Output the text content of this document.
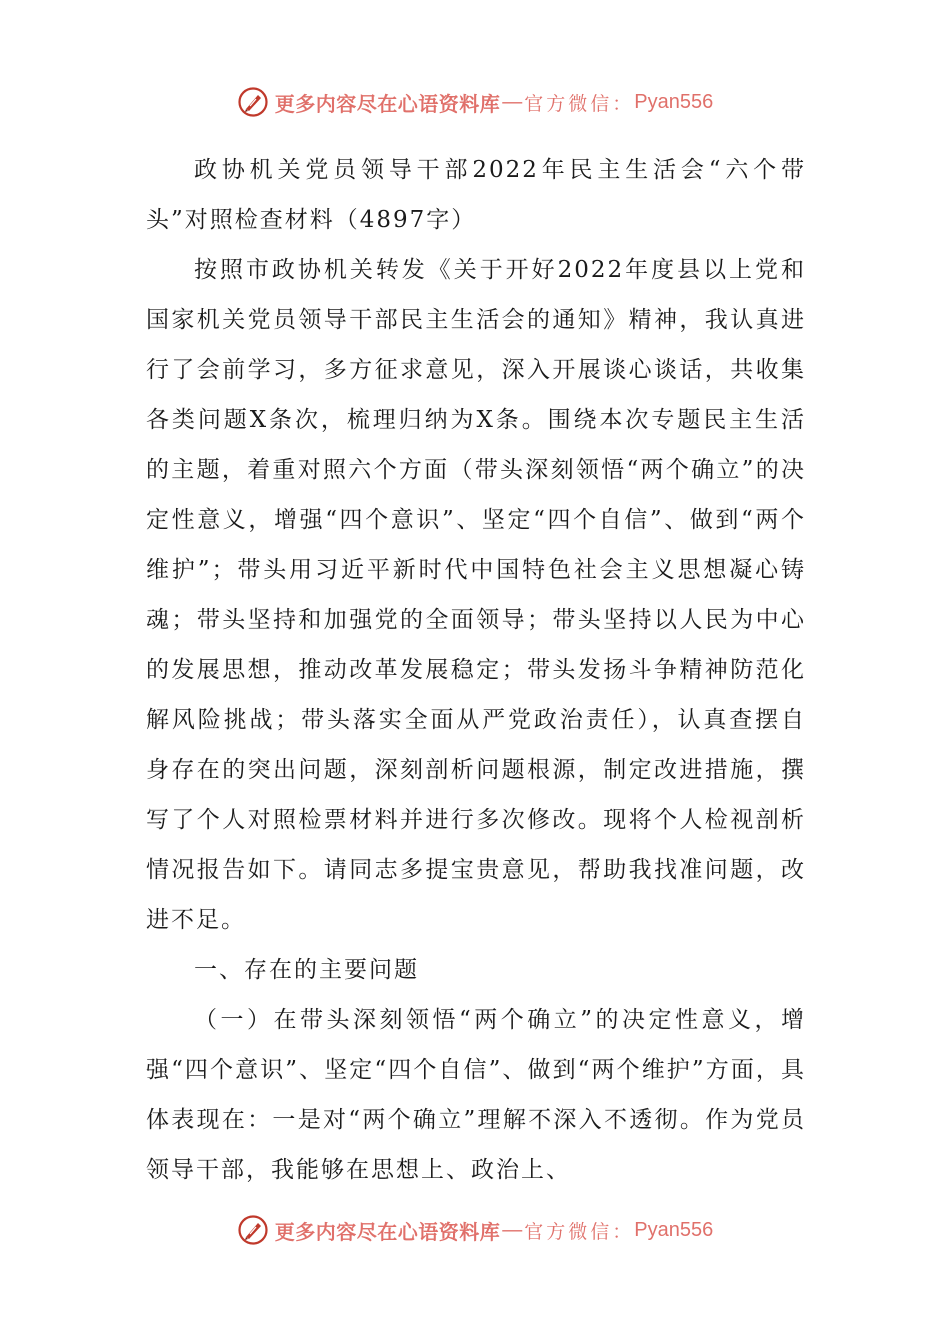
更多内容尽在心语资料库 — 官方微信： Pyan556

政协机关党员领导干部2022年民主生活会“六个带头”对照检查材料（4897字）

按照市政协机关转发《关于开好2022年度县以上党和国家机关党员领导干部民主生活会的通知》精神，我认真进行了会前学习，多方征求意见，深入开展谈心谈话，共收集各类问题X条次，梳理归纳为X条。围绕本次专题民主生活的主题，着重对照六个方面（带头深刻领悟“两个确立”的决定性意义，增强“四个意识”、坚定“四个自信”、做到“两个维护”；带头用习近平新时代中国特色社会主义思想凝心铸魂；带头坚持和加强党的全面领导；带头坚持以人民为中心的发展思想，推动改革发展稳定；带头发扬斗争精神防范化解风险挑战；带头落实全面从严党政治责任），认真查摆自身存在的突出问题，深刻剖析问题根源，制定改进措施，撰写了个人对照检票材料并进行多次修改。现将个人检视剖析情况报告如下。请同志多提宝贵意见，帮助我找准问题，改进不足。

一、存在的主要问题

（一）在带头深刻领悟“两个确立”的决定性意义，增强“四个意识”、坚定“四个自信”、做到“两个维护”方面，具体表现在：一是对“两个确立”理解不深入不透彻。作为党员领导干部，我能够在思想上、政治上、

更多内容尽在心语资料库 — 官方微信： Pyan556
